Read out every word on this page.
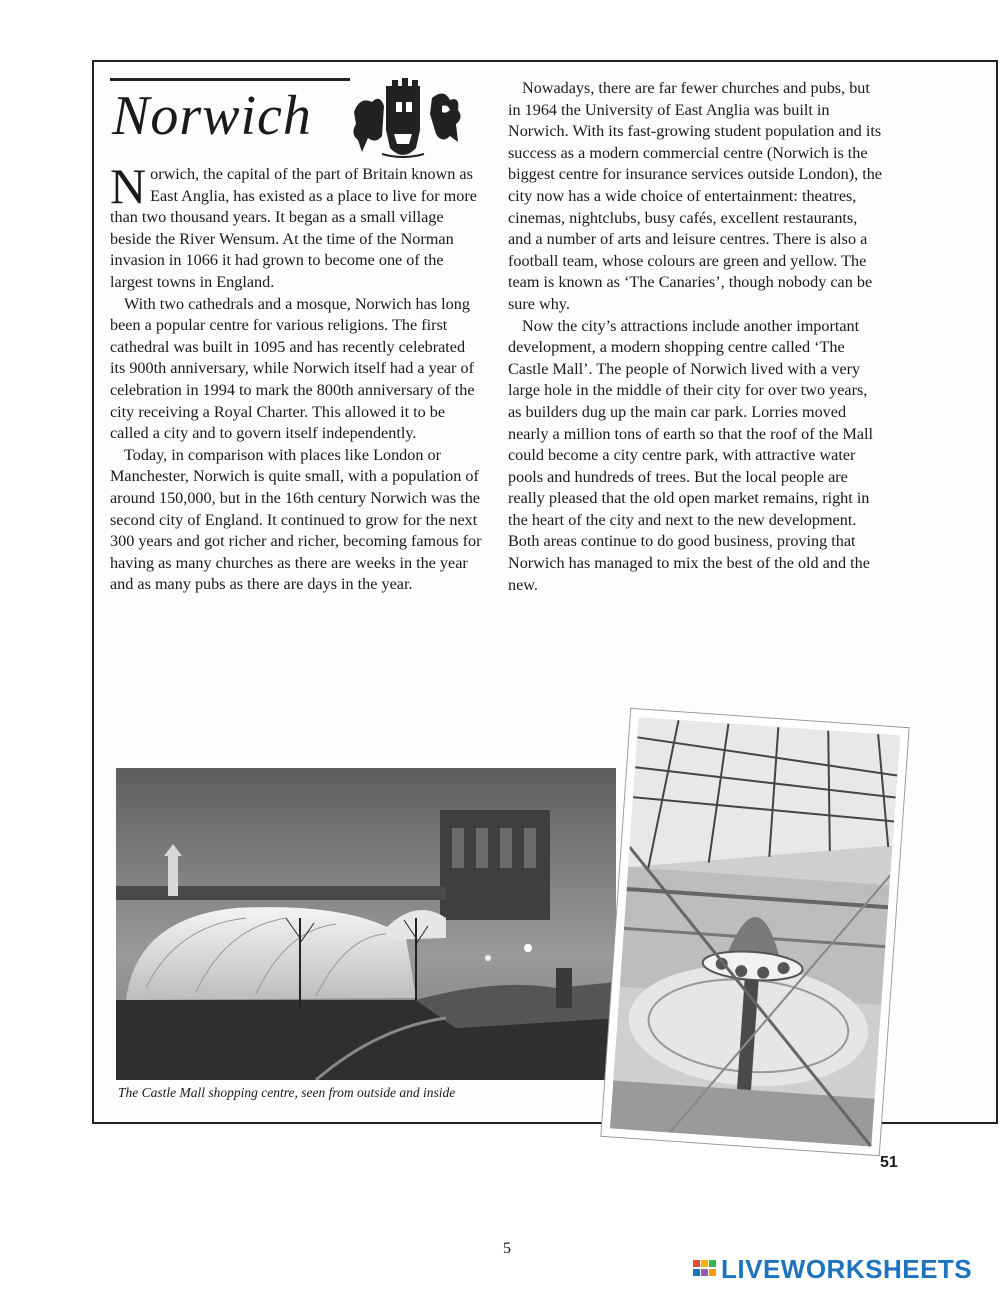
Norwich

Norwich, the capital of the part of Britain known as East Anglia, has existed as a place to live for more than two thousand years. It began as a small village beside the River Wensum. At the time of the Norman invasion in 1066 it had grown to become one of the largest towns in England.

With two cathedrals and a mosque, Norwich has long been a popular centre for various religions. The first cathedral was built in 1095 and has recently celebrated its 900th anniversary, while Norwich itself had a year of celebration in 1994 to mark the 800th anniversary of the city receiving a Royal Charter. This allowed it to be called a city and to govern itself independently.

Today, in comparison with places like London or Manchester, Norwich is quite small, with a population of around 150,000, but in the 16th century Norwich was the second city of England. It continued to grow for the next 300 years and got richer and richer, becoming famous for having as many churches as there are weeks in the year and as many pubs as there are days in the year.

Nowadays, there are far fewer churches and pubs, but in 1964 the University of East Anglia was built in Norwich. With its fast-growing student population and its success as a modern commercial centre (Norwich is the biggest centre for insurance services outside London), the city now has a wide choice of entertainment: theatres, cinemas, nightclubs, busy cafés, excellent restaurants, and a number of arts and leisure centres. There is also a football team, whose colours are green and yellow. The team is known as ‘The Canaries’, though nobody can be sure why.

Now the city’s attractions include another important development, a modern shopping centre called ‘The Castle Mall’. The people of Norwich lived with a very large hole in the middle of their city for over two years, as builders dug up the main car park. Lorries moved nearly a million tons of earth so that the roof of the Mall could become a city centre park, with attractive water pools and hundreds of trees. But the local people are really pleased that the old open market remains, right in the heart of the city and next to the new development. Both areas continue to do good business, proving that Norwich has managed to mix the best of the old and the new.

The Castle Mall shopping centre, seen from outside and inside

51

5

LIVEWORKSHEETS
